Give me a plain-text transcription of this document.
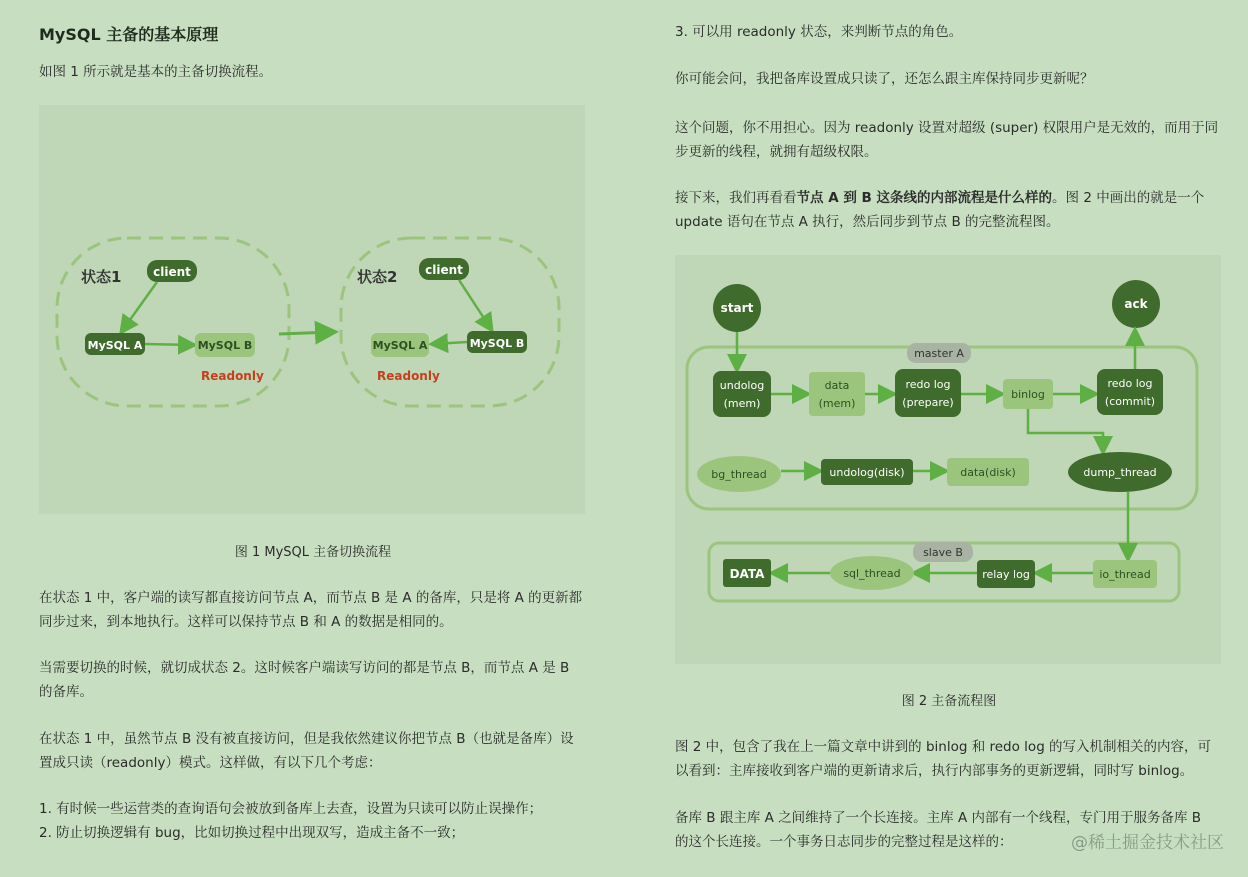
MySQL 主备的基本原理

如图 1 所示就是基本的主备切换流程。

状态1	client
MySQL A	MySQL B
Readonly
状态2 client
MySQL A	MySQL B
Readonly
图 1 MySQL 主备切换流程

在状态 1 中，客户端的读写都直接访问节点 A，而节点 B 是 A 的备库，只是将 A 的更新都

同步过来，到本地执行。这样可以保持节点 B 和 A 的数据是相同的。

当需要切换的时候，就切成状态 2。这时候客户端读写访问的都是节点 B，而节点 A 是 B

的备库。

在状态 1 中，虽然节点 B 没有被直接访问，但是我依然建议你把节点 B（也就是备库）设

置成只读（readonly）模式。这样做，有以下几个考虑：

1. 有时候一些运营类的查询语句会被放到备库上去查，设置为只读可以防止误操作；

2. 防止切换逻辑有 bug，比如切换过程中出现双写，造成主备不一致；

3. 可以用 readonly 状态，来判断节点的角色。

你可能会问，我把备库设置成只读了，还怎么跟主库保持同步更新呢？

这个问题，你不用担心。因为 readonly 设置对超级 (super) 权限用户是无效的，而用于同

步更新的线程，就拥有超级权限。

接下来，我们再看看节点 A 到 B 这条线的内部流程是什么样的。图 2 中画出的就是一个

update 语句在节点 A 执行，然后同步到节点 B 的完整流程图。

master A
slave B
start	ack
undolog
(mem)
data
(mem)
redo log
(prepare)
binlog
redo log
(commit)
bg_thread	undolog(disk)	data(disk)	dump_thread
io_thread
relay log
sql_thread
DATA
图 2 主备流程图

图 2 中，包含了我在上一篇文章中讲到的 binlog 和 redo log 的写入机制相关的内容，可

以看到：主库接收到客户端的更新请求后，执行内部事务的更新逻辑，同时写 binlog。

备库 B 跟主库 A 之间维持了一个长连接。主库 A 内部有一个线程，专门用于服务备库 B

的这个长连接。一个事务日志同步的完整过程是这样的：	@稀土掘金技术社区
